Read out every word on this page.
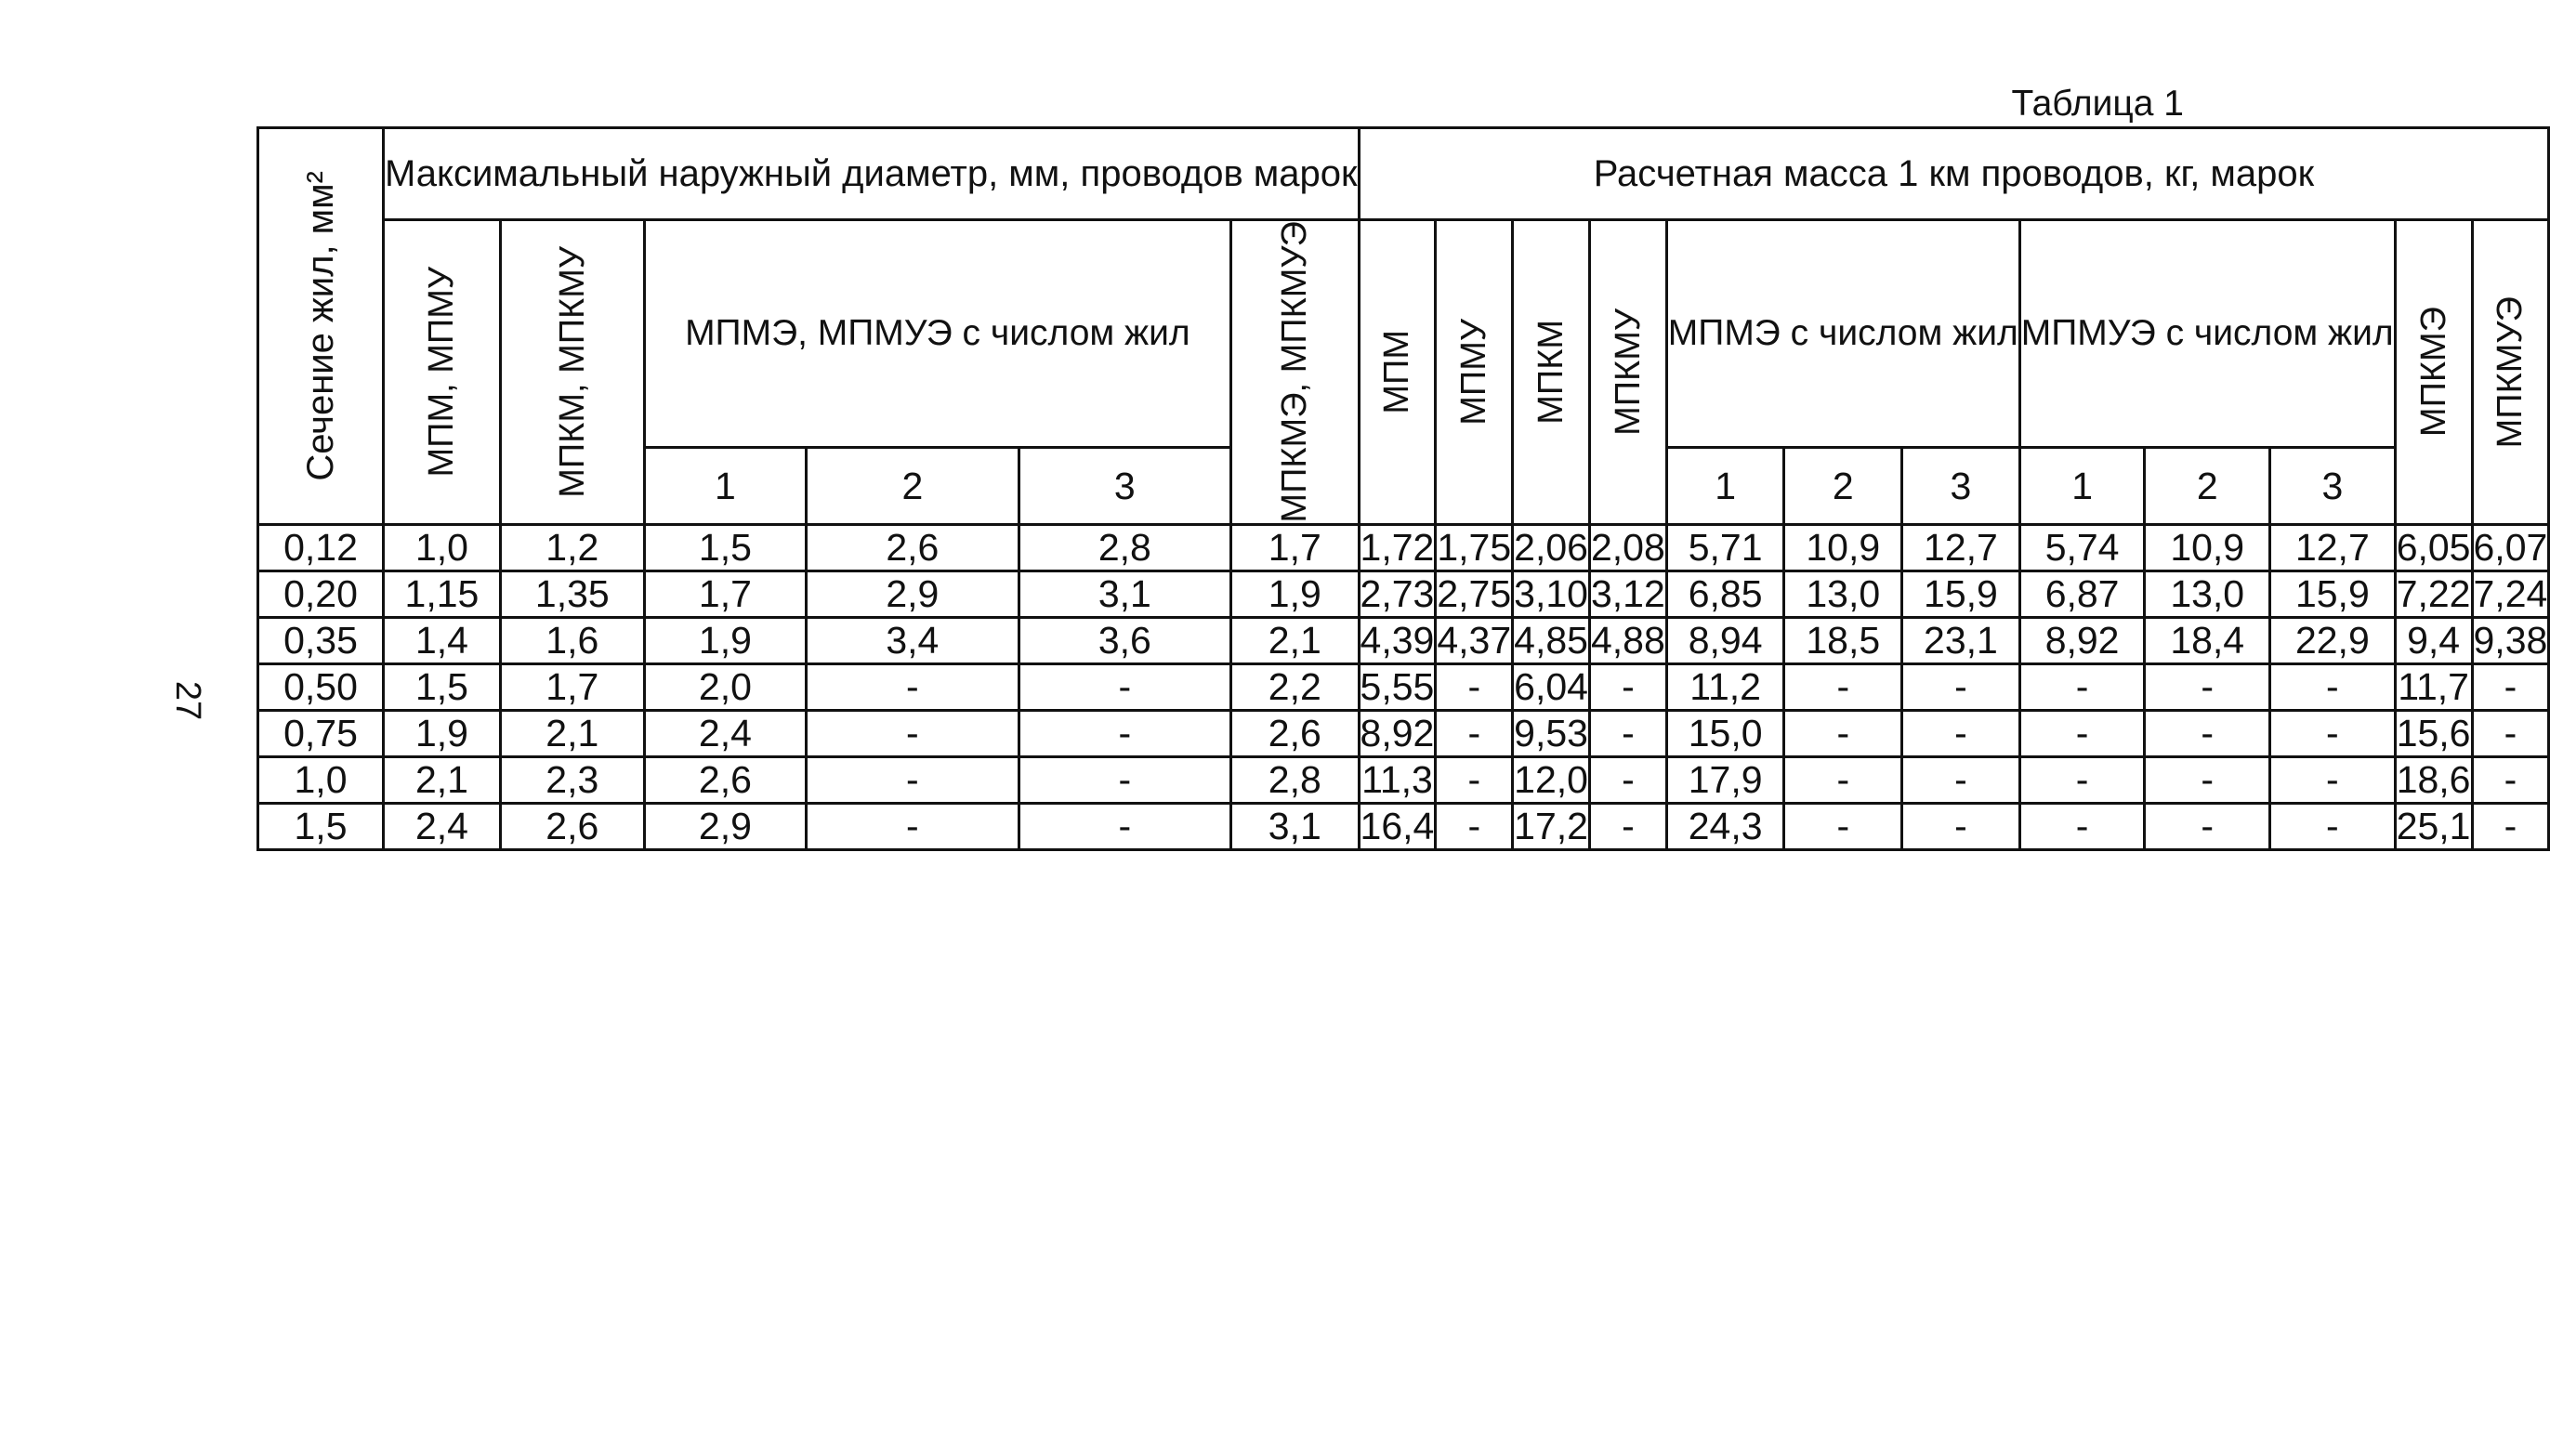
Таблица 1
27
Сечение жил, мм²	Максимальный наружный диаметр, мм, проводов марок						Расчетная масса 1 км проводов, кг, марок											

	МПМ, МПМУ	МПКМ, МПКМУ	МПМЭ, МПМУЭ с числом жил			МПКМЭ, МПКМУЭ	МПМ	МПМУ	МПКМ	МПКМУ	МПМЭ с числом жил			МПМУЭ с числом жил			МПКМЭ	МПКМУЭ

			1	2	3						1	2	3	1	2	3		
0,12	1,0	1,2	1,5	2,6	2,8	1,7	1,72	1,75	2,06	2,08	5,71	10,9	12,7	5,74	10,9	12,7	6,05	6,07
0,20	1,15	1,35	1,7	2,9	3,1	1,9	2,73	2,75	3,10	3,12	6,85	13,0	15,9	6,87	13,0	15,9	7,22	7,24
0,35	1,4	1,6	1,9	3,4	3,6	2,1	4,39	4,37	4,85	4,88	8,94	18,5	23,1	8,92	18,4	22,9	9,4	9,38
0,50	1,5	1,7	2,0	-	-	2,2	5,55	-	6,04	-	11,2	-	-	-	-	-	11,7	-
0,75	1,9	2,1	2,4	-	-	2,6	8,92	-	9,53	-	15,0	-	-	-	-	-	15,6	-
1,0	2,1	2,3	2,6	-	-	2,8	11,3	-	12,0	-	17,9	-	-	-	-	-	18,6	-
1,5	2,4	2,6	2,9	-	-	3,1	16,4	-	17,2	-	24,3	-	-	-	-	-	25,1	-
